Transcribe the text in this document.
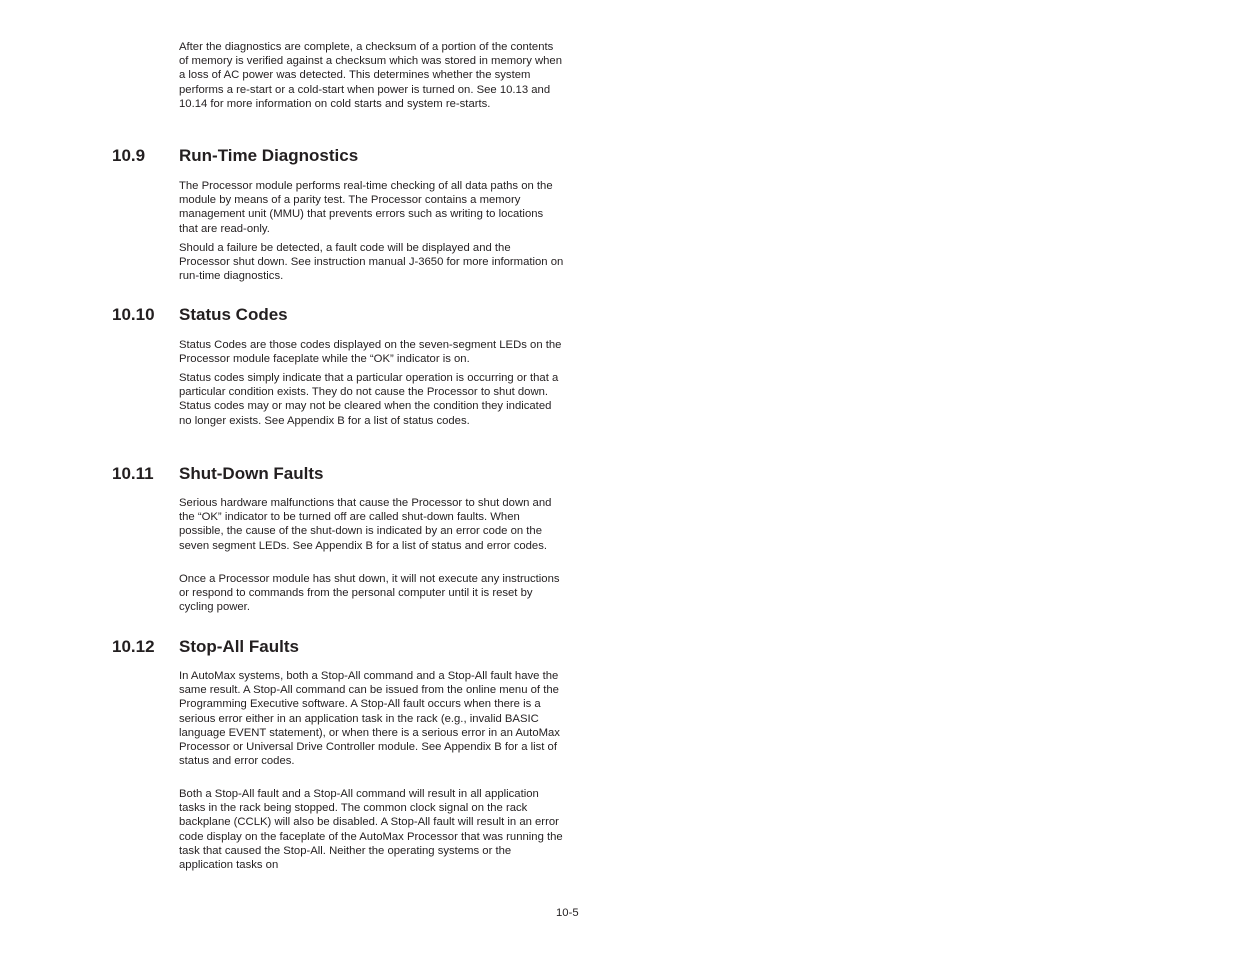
After the diagnostics are complete, a checksum of a portion of the contents of memory is verified against a checksum which was stored in memory when a loss of AC power was detected. This determines whether the system performs a re-start or a cold-start when power is turned on. See 10.13 and 10.14 for more information on cold starts and system re-starts.

10.9 Run-Time Diagnostics

The Processor module performs real-time checking of all data paths on the module by means of a parity test. The Processor contains a memory management unit (MMU) that prevents errors such as writing to locations that are read-only.

Should a failure be detected, a fault code will be displayed and the Processor shut down. See instruction manual J-3650 for more information on run-time diagnostics.

10.10 Status Codes

Status Codes are those codes displayed on the seven-segment LEDs on the Processor module faceplate while the “OK” indicator is on.

Status codes simply indicate that a particular operation is occurring or that a particular condition exists. They do not cause the Processor to shut down. Status codes may or may not be cleared when the condition they indicated no longer exists. See Appendix B for a list of status codes.

10.11 Shut-Down Faults

Serious hardware malfunctions that cause the Processor to shut down and the “OK” indicator to be turned off are called shut-down faults. When possible, the cause of the shut-down is indicated by an error code on the seven segment LEDs. See Appendix B for a list of status and error codes.

Once a Processor module has shut down, it will not execute any instructions or respond to commands from the personal computer until it is reset by cycling power.

10.12 Stop-All Faults

In AutoMax systems, both a Stop-All command and a Stop-All fault have the same result. A Stop-All command can be issued from the online menu of the Programming Executive software. A Stop-All fault occurs when there is a serious error either in an application task in the rack (e.g., invalid BASIC language EVENT statement), or when there is a serious error in an AutoMax Processor or Universal Drive Controller module. See Appendix B for a list of status and error codes.

Both a Stop-All fault and a Stop-All command will result in all application tasks in the rack being stopped. The common clock signal on the rack backplane (CCLK) will also be disabled. A Stop-All fault will result in an error code display on the faceplate of the AutoMax Processor that was running the task that caused the Stop-All. Neither the operating systems or the application tasks on

10-5
